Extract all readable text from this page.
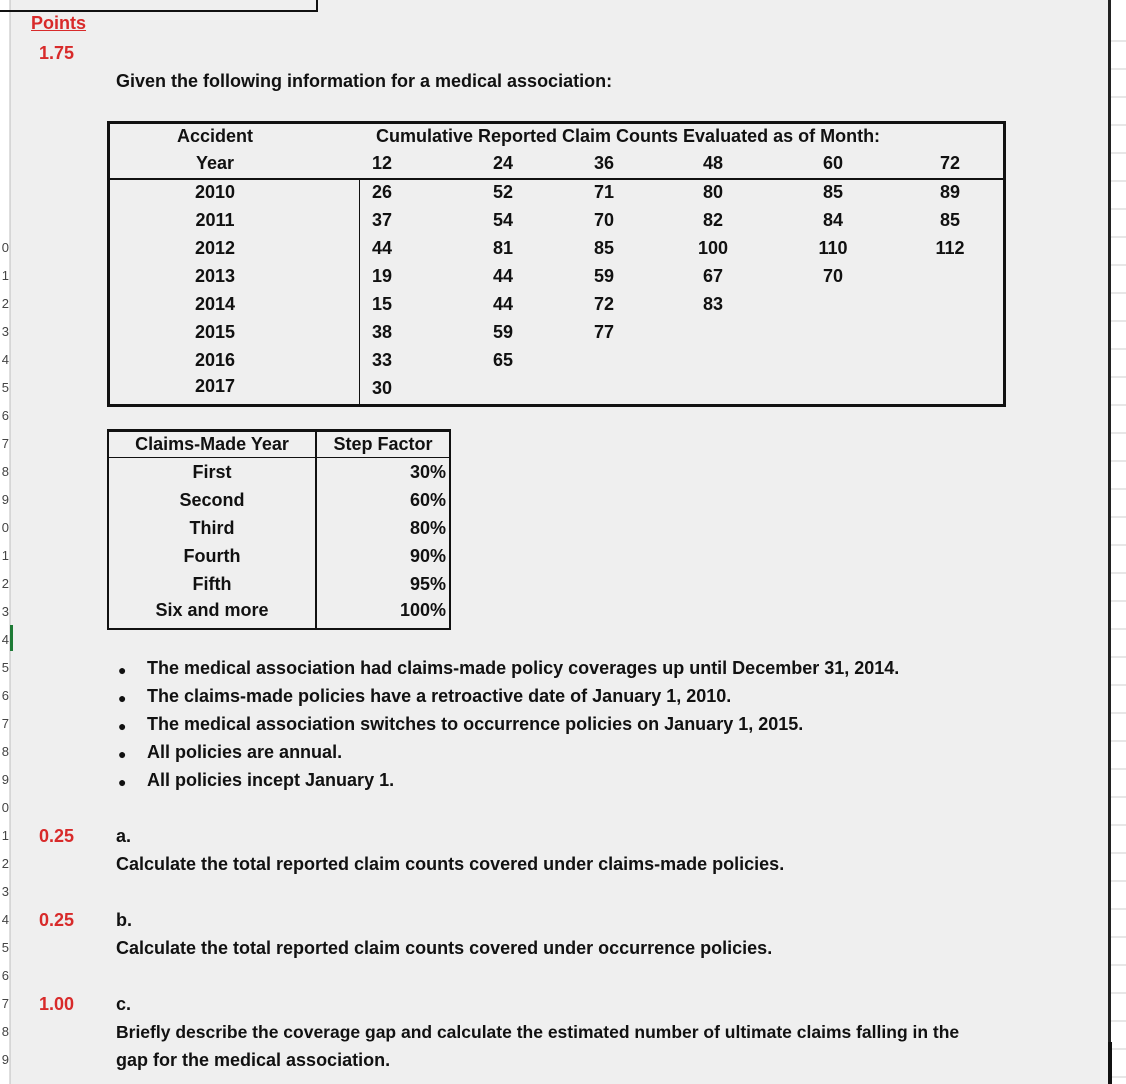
0
1
2
3
4
5
6
7
8
9
0
1
2
3
4
5
6
7
8
9
0
1
2
3
4
5
6
7
8
9
Points
1.75
Given the following information for a medical association:
Accident
Year
Cumulative Reported Claim Counts Evaluated as of Month:
12	24	36	48	60	72
2010	26	52	71	80	85	89
2011	37	54	70	82	84	85
2012	44	81	85	100	110	112
2013	19	44	59	67	70
2014	15	44	72	83
2015	38	59	77
2016	33	65
2017	30
Claims-Made Year	Step Factor
First	30%
Second	60%
Third	80%
Fourth	90%
Fifth	95%
Six and more	100%
● The medical association had claims-made policy coverages up until December 31, 2014.
● The claims-made policies have a retroactive date of January 1, 2010.
● The medical association switches to occurrence policies on January 1, 2015.
● All policies are annual.
● All policies incept January 1.
0.25 a.
Calculate the total reported claim counts covered under claims-made policies.
0.25 b.
Calculate the total reported claim counts covered under occurrence policies.
1.00 c.
Briefly describe the coverage gap and calculate the estimated number of ultimate claims falling in the
gap for the medical association.
